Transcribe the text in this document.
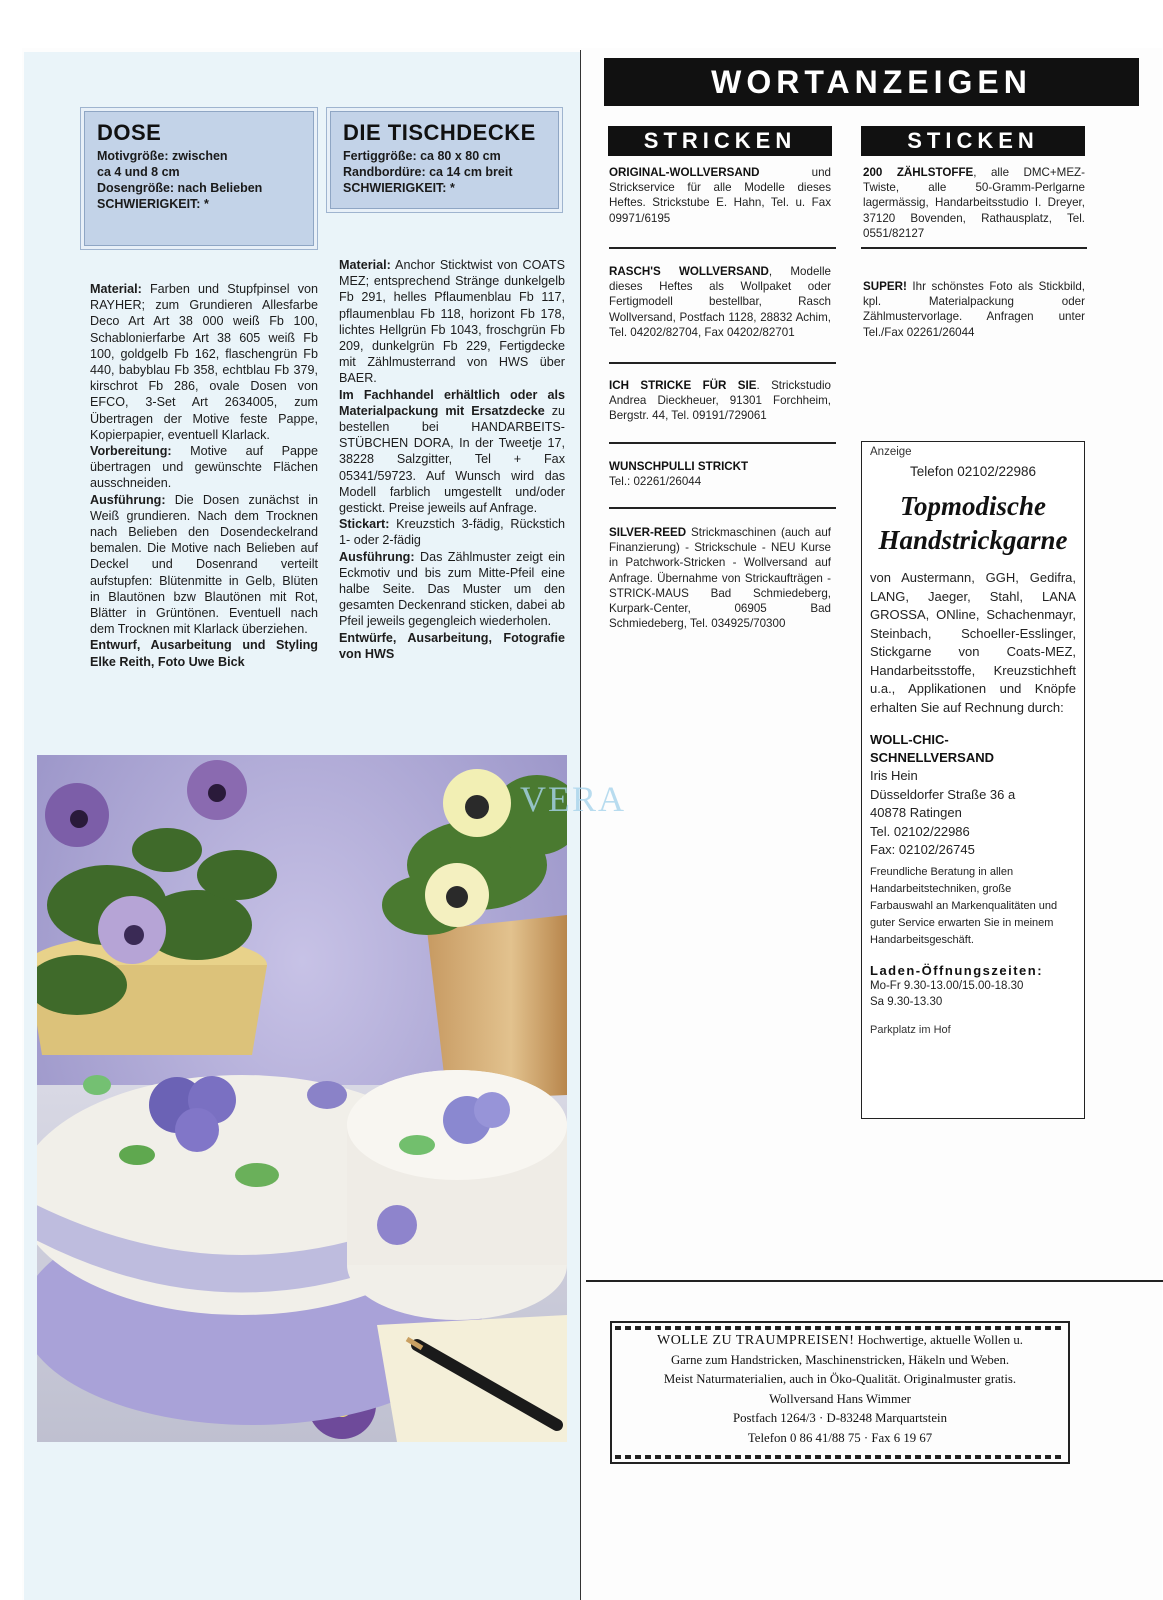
DOSE
Motivgröße: zwischen
ca 4 und 8 cm
Dosengröße: nach Belieben
SCHWIERIGKEIT: *
DIE TISCHDECKE
Fertiggröße: ca 80 x 80 cm
Randbordüre: ca 14 cm breit
SCHWIERIGKEIT: *

Material: Farben und Stupfpinsel von RAYHER; zum Grundieren Allesfarbe Deco Art Art 38 000 weiß Fb 100, Schablonierfarbe Art 38 605 weiß Fb 100, goldgelb Fb 162, flaschengrün Fb 440, babyblau Fb 358, echtblau Fb 379, kirschrot Fb 286, ovale Dosen von EFCO, 3-Set Art 2634005, zum Übertragen der Motive feste Pappe, Kopierpapier, eventuell Klarlack.

Vorbereitung: Motive auf Pappe übertragen und gewünschte Flächen ausschneiden.

Ausführung: Die Dosen zunächst in Weiß grundieren. Nach dem Trocknen nach Belieben den Dosendeckelrand bemalen. Die Motive nach Belieben auf Deckel und Dosenrand verteilt aufstupfen: Blütenmitte in Gelb, Blüten in Blautönen bzw Blautönen mit Rot, Blätter in Grüntönen. Eventuell nach dem Trocknen mit Klarlack überziehen.

Entwurf, Ausarbeitung und Styling Elke Reith, Foto Uwe Bick

Material: Anchor Sticktwist von COATS MEZ; entsprechend Stränge dunkelgelb Fb 291, helles Pflaumenblau Fb 117, pflaumenblau Fb 118, horizont Fb 178, lichtes Hellgrün Fb 1043, froschgrün Fb 209, dunkelgrün Fb 229, Fertigdecke mit Zählmusterrand von HWS über BAER.

Im Fachhandel erhältlich oder als Materialpackung mit Ersatzdecke zu bestellen bei HANDARBEITS-STÜBCHEN DORA, In der Tweetje 17, 38228 Salzgitter, Tel + Fax 05341/59723. Auf Wunsch wird das Modell farblich umgestellt und/oder gestickt. Preise jeweils auf Anfrage.

Stickart: Kreuzstich 3-fädig, Rückstich 1- oder 2-fädig

Ausführung: Das Zählmuster zeigt ein Eckmotiv und bis zum Mitte-Pfeil eine halbe Seite. Das Muster um den gesamten Deckenrand sticken, dabei ab Pfeil jeweils gegengleich wiederholen.

Entwürfe, Ausarbeitung, Fotografie von HWS

VERA
WORTANZEIGEN
STRICKEN	STICKEN
ORIGINAL-WOLLVERSAND und Strickservice für alle Modelle dieses Heftes. Strickstube E. Hahn, Tel. u. Fax 09971/6195
RASCH'S WOLLVERSAND, Modelle dieses Heftes als Wollpaket oder Fertigmodell bestellbar, Rasch Wollversand, Postfach 1128, 28832 Achim, Tel. 04202/82704, Fax 04202/82701
ICH STRICKE FÜR SIE. Strickstudio Andrea Dieckheuer, 91301 Forchheim, Bergstr. 44, Tel. 09191/729061
WUNSCHPULLI STRICKT
Tel.: 02261/26044
SILVER-REED Strickmaschinen (auch auf Finanzierung) - Strickschule - NEU Kurse in Patchwork-Stricken - Wollversand auf Anfrage. Übernahme von Strickaufträgen - STRICK-MAUS Bad Schmiedeberg, Kurpark-Center, 06905 Bad Schmiedeberg, Tel. 034925/70300
200 ZÄHLSTOFFE, alle DMC+MEZ-Twiste, alle 50-Gramm-Perlgarne lagermässig, Handarbeitsstudio I. Dreyer, 37120 Bovenden, Rathausplatz, Tel. 0551/82127
SUPER! Ihr schönstes Foto als Stickbild, kpl. Materialpackung oder Zählmustervorlage. Anfragen unter Tel./Fax 02261/26044
Anzeige
Telefon 02102/22986
Topmodische
Handstrickgarne
von Austermann, GGH, Gedifra, LANG, Jaeger, Stahl, LANA GROSSA, ONline, Schachenmayr, Steinbach, Schoeller-Esslinger, Stickgarne von Coats-MEZ, Handarbeitsstoffe, Kreuzstichheft u.a., Applikationen und Knöpfe erhalten Sie auf Rechnung durch:
WOLL-CHIC-
SCHNELLVERSAND
Iris Hein
Düsseldorfer Straße 36 a
40878 Ratingen
Tel. 02102/22986
Fax: 02102/26745
Freundliche Beratung in allen Handarbeitstechniken, große Farbauswahl an Markenqualitäten und guter Service erwarten Sie in meinem Handarbeitsgeschäft.
Laden-Öffnungszeiten:
Mo-Fr 9.30-13.00/15.00-18.30
Sa 9.30-13.30
Parkplatz im Hof
WOLLE ZU TRAUMPREISEN! Hochwertige, aktuelle Wollen u.
Garne zum Handstricken, Maschinenstricken, Häkeln und Weben.
Meist Naturmaterialien, auch in Öko-Qualität. Originalmuster gratis.
Wollversand Hans Wimmer
Postfach 1264/3 · D-83248 Marquartstein
Telefon 0 86 41/88 75 · Fax 6 19 67
